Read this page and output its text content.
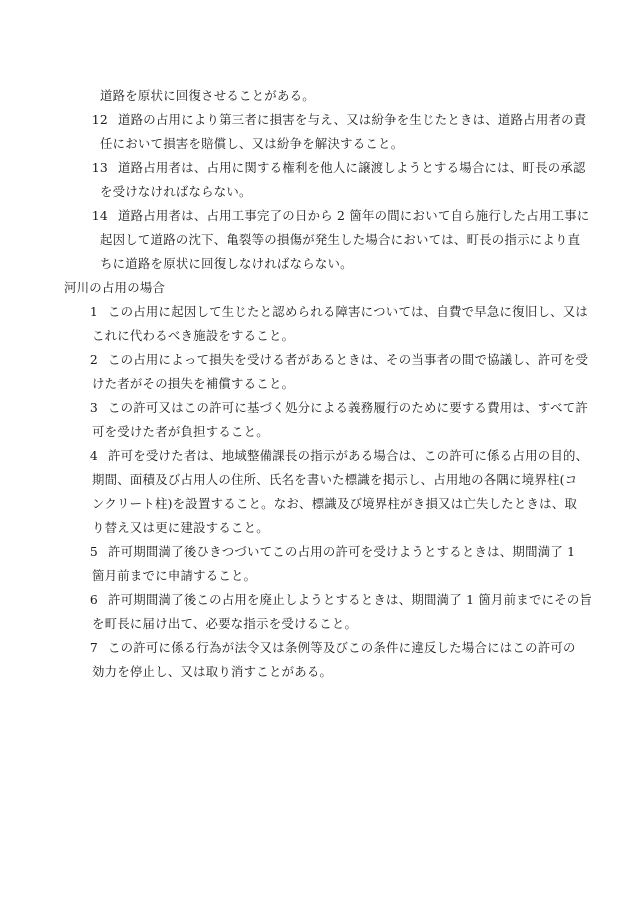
道路を原状に回復させることがある。
12 道路の占用により第三者に損害を与え、又は紛争を生じたときは、道路占用者の責
任において損害を賠償し、又は紛争を解決すること。
13 道路占用者は、占用に関する権利を他人に譲渡しようとする場合には、町長の承認
を受けなければならない。
14 道路占用者は、占用工事完了の日から 2 箇年の間において自ら施行した占用工事に
起因して道路の沈下、亀裂等の損傷が発生した場合においては、町長の指示により直
ちに道路を原状に回復しなければならない。
河川の占用の場合
1 この占用に起因して生じたと認められる障害については、自費で早急に復旧し、又は
これに代わるべき施設をすること。
2 この占用によって損失を受ける者があるときは、その当事者の間で協議し、許可を受
けた者がその損失を補償すること。
3 この許可又はこの許可に基づく処分による義務履行のために要する費用は、すべて許
可を受けた者が負担すること。
4 許可を受けた者は、地域整備課長の指示がある場合は、この許可に係る占用の目的、
期間、面積及び占用人の住所、氏名を書いた標識を掲示し、占用地の各隅に境界柱(コ
ンクリート柱)を設置すること。なお、標識及び境界柱がき損又は亡失したときは、取
り替え又は更に建設すること。
5 許可期間満了後ひきつづいてこの占用の許可を受けようとするときは、期間満了 1
箇月前までに申請すること。
6 許可期間満了後この占用を廃止しようとするときは、期間満了 1 箇月前までにその旨
を町長に届け出て、必要な指示を受けること。
7 この許可に係る行為が法令又は条例等及びこの条件に違反した場合にはこの許可の
効力を停止し、又は取り消すことがある。
